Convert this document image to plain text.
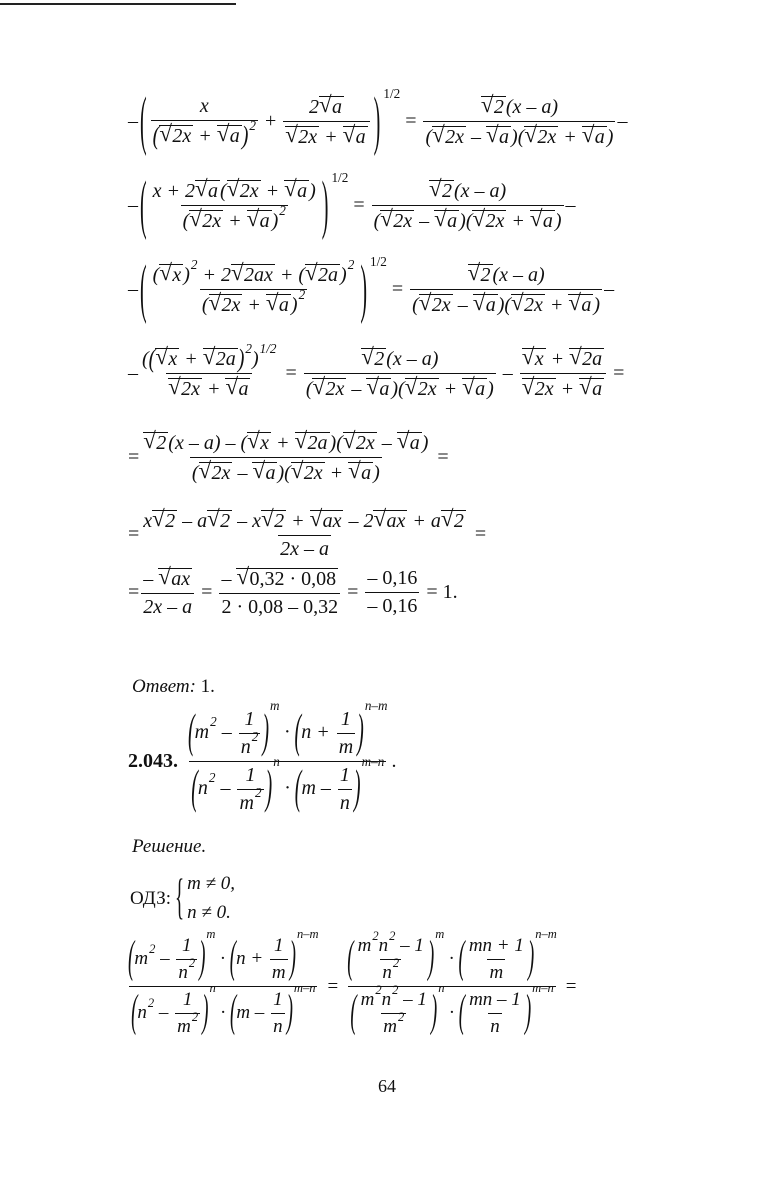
– ( $\frac{x}{(√ 2x + √ a )^2} + 2√$ a
√ 2x + √ a ) 1/2
=
√ $\frac{2 (x - a)}{(√ 2x - √ a )(√ 2x + √ a )}$ –
– ( $\frac{x + 2√ a (√ 2x + √ a )}{(√ 2x + √ a )^2}$ ) 1/2
=
√ $\frac{2 (x - a)}{(√ 2x - √ a )(√ 2x + √ a )}$ –
– ( $\frac{(√ x )^2 + 2√ 2ax + (√ 2a )^2}{(√ 2x + √ a )^2}$ ) 1/2
=
√ $\frac{2 (x - a)}{(√ 2x - √ a )(√ 2x + √ a )}$ –
– ((√ x + √ 2a )$^2$)$^{1/2}$
√ 2x + √ a =
√ $\frac{2 (x - a)}{(√ 2x - √ a )(√ 2x + √ a )}$ –
√ x + √ 2a
√ 2x + √ a =
=
√ $\frac{2 (x - a) - (√ x + √ 2a )(√ 2x - √ a )}{(√ 2x - √ a )(√ 2x + √ a )}$ =
= $\frac{x√ 2 - a√ 2 - x√ 2 + √ ax - 2√ ax + a√ 2}{2x - a}$ =
= $\frac{- √ ax}{2x - a} = \frac{- √ 0,32 \cdot 0,08}{2 \cdot 0,08 - 0,32} = \frac{- 0,16}{- 0,16} = 1$.
Ответ: 1.
2.043. $\frac{(m^2 - \frac{1}{n^2} )^m \cdot (n + \frac{1}{m} )^{n-m}}{(n^2 - \frac{1}{m^2} )^n \cdot (m - \frac{1}{n} )^{m-n}}$ .
Решение.
ОДЗ: { m ≠ 0,
n ≠ 0.
$\frac{(m^2 - \frac{1}{n^2} )^m \cdot (n + \frac{1}{m} )^{n-m}}{(n^2 - \frac{1}{m^2} )^n \cdot (m - \frac{1}{n} )^{m-n}} = \frac{( \frac{m^2n^2 - 1}{n^2} )^m \cdot ( \frac{mn + 1}{m} )^{n-m}}{( \frac{m^2n^2 - 1}{m^2} )^n \cdot ( \frac{mn - 1}{n} )^{m-n}}$ =
64
